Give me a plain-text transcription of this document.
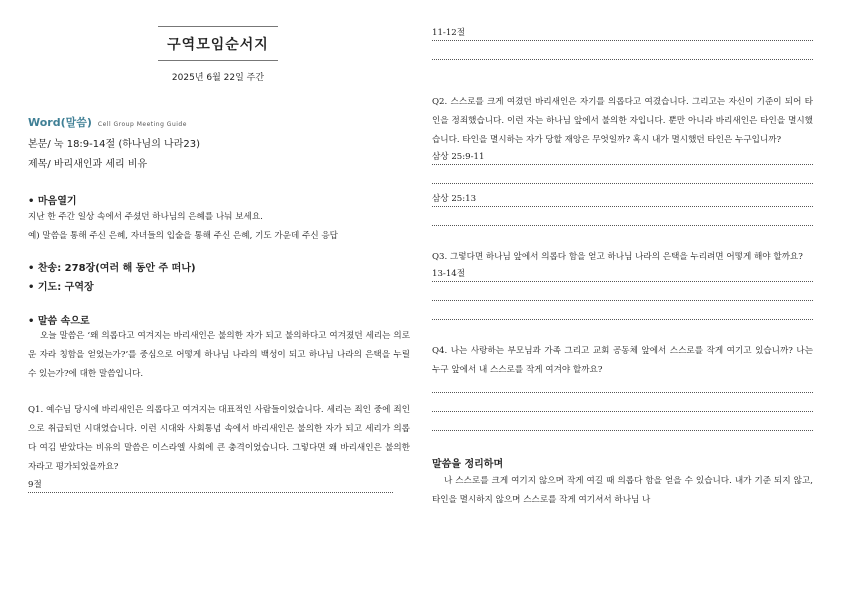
구역모임순서지
2025년 6월 22일 주간
Word(말씀) Cell Group Meeting Guide
본문/ 눅 18:9-14절 (하나님의 나라23)
제목/ 바리새인과 세리 비유
• 마음열기
지난 한 주간 일상 속에서 주셨던 하나님의 은혜를 나눠 보세요.
예) 말씀을 통해 주신 은혜, 자녀들의 입술을 통해 주신 은혜, 기도 가운데 주신 응답
• 찬송: 278장(여러 해 동안 주 떠나)
• 기도: 구역장
• 말씀 속으로
오늘 말씀은 ‘왜 의롭다고 여겨지는 바리새인은 불의한 자가 되고 불의하다고 여겨졌던 세리는 의로운 자라 칭함을 얻었는가?’를 중심으로 어떻게 하나님 나라의 백성이 되고 하나님 나라의 은택을 누릴 수 있는가?에 대한 말씀입니다.
Q1. 예수님 당시에 바리새인은 의롭다고 여겨지는 대표적인 사람들이었습니다. 세리는 죄인 중에 죄인으로 취급되던 시대였습니다. 이런 시대와 사회통념 속에서 바리새인은 불의한 자가 되고 세리가 의롭다 여김 받았다는 비유의 말씀은 이스라엘 사회에 큰 충격이었습니다. 그렇다면 왜 바리새인은 불의한 자라고 평가되었을까요?
9절
11-12절
Q2. 스스로를 크게 여겼던 바리새인은 자기를 의롭다고 여겼습니다. 그리고는 자신이 기준이 되어 타인을 정죄했습니다. 이런 자는 하나님 앞에서 불의한 자입니다. 뿐만 아니라 바리새인은 타인을 멸시했습니다. 타인을 멸시하는 자가 당할 재앙은 무엇일까? 혹시 내가 멸시했던 타인은 누구입니까?
삼상 25:9-11
삼상 25:13
Q3. 그렇다면 하나님 앞에서 의롭다 함을 얻고 하나님 나라의 은택을 누리려면 어떻게 해야 할까요?
13-14절
Q4. 나는 사랑하는 부모님과 가족 그리고 교회 공동체 앞에서 스스로를 작게 여기고 있습니까? 나는 누구 앞에서 내 스스로를 작게 여겨야 할까요?
말씀을 정리하며
나 스스로를 크게 여기지 않으며 작게 여길 때 의롭다 함을 얻을 수 있습니다. 내가 기준 되지 않고, 타인을 멸시하지 않으며 스스로를 작게 여기셔서 하나님 나
